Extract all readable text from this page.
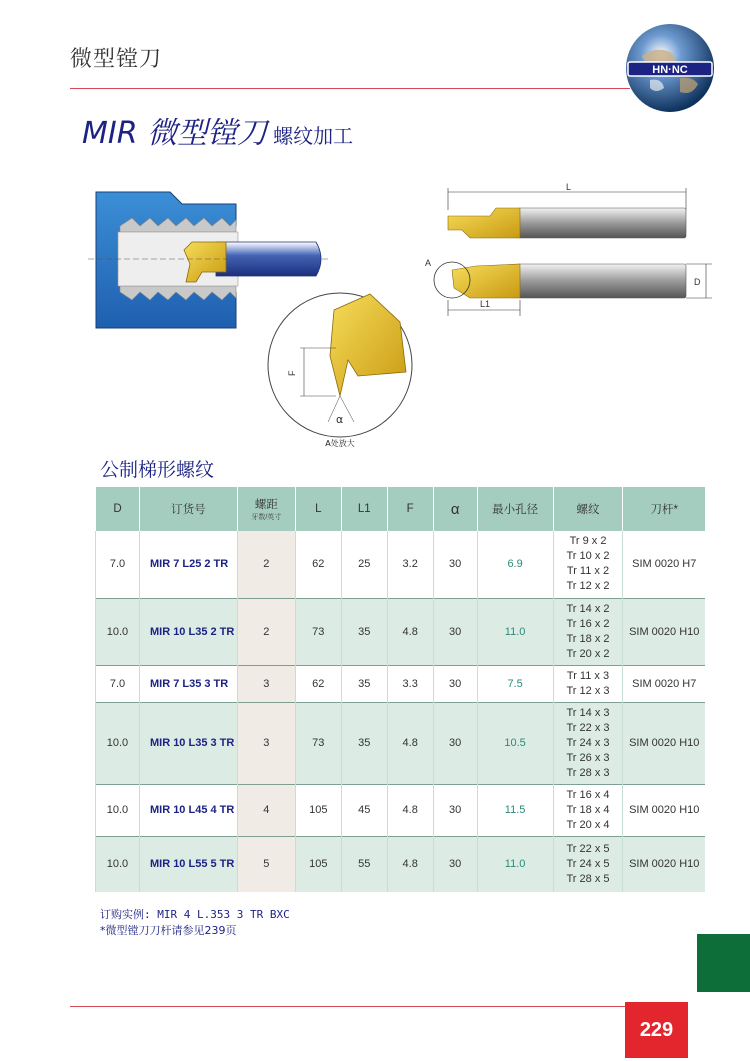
微型镗刀	HN·NC
MIR 微型镗刀 螺纹加工
F
α
A处放大
L
A
L1
D
公制梯形螺纹
D	订货号	螺距
牙数/英寸	L	L1	F	α	最小孔径	螺纹	刀杆*
7.0	MIR 7 L25 2 TR	2	62	25	3.2	30	6.9	Tr 9 x 2
Tr 10 x 2
Tr 11 x 2
Tr 12 x 2	SIM 0020 H7
10.0	MIR 10 L35 2 TR	2	73	35	4.8	30	11.0	Tr 14 x 2
Tr 16 x 2
Tr 18 x 2
Tr 20 x 2	SIM 0020 H10
7.0	MIR 7 L35 3 TR	3	62	35	3.3	30	7.5	Tr 11 x 3
Tr 12 x 3	SIM 0020 H7
10.0	MIR 10 L35 3 TR	3	73	35	4.8	30	10.5	Tr 14 x 3
Tr 22 x 3
Tr 24 x 3
Tr 26 x 3
Tr 28 x 3	SIM 0020 H10
10.0	MIR 10 L45 4 TR	4	105	45	4.8	30	11.5	Tr 16 x 4
Tr 18 x 4
Tr 20 x 4	SIM 0020 H10
10.0	MIR 10 L55 5 TR	5	105	55	4.8	30	11.0	Tr 22 x 5
Tr 24 x 5
Tr 28 x 5	SIM 0020 H10
订购实例: MIR 4 L.353 3 TR BXC
*微型镗刀刀杆请参见239页
229
